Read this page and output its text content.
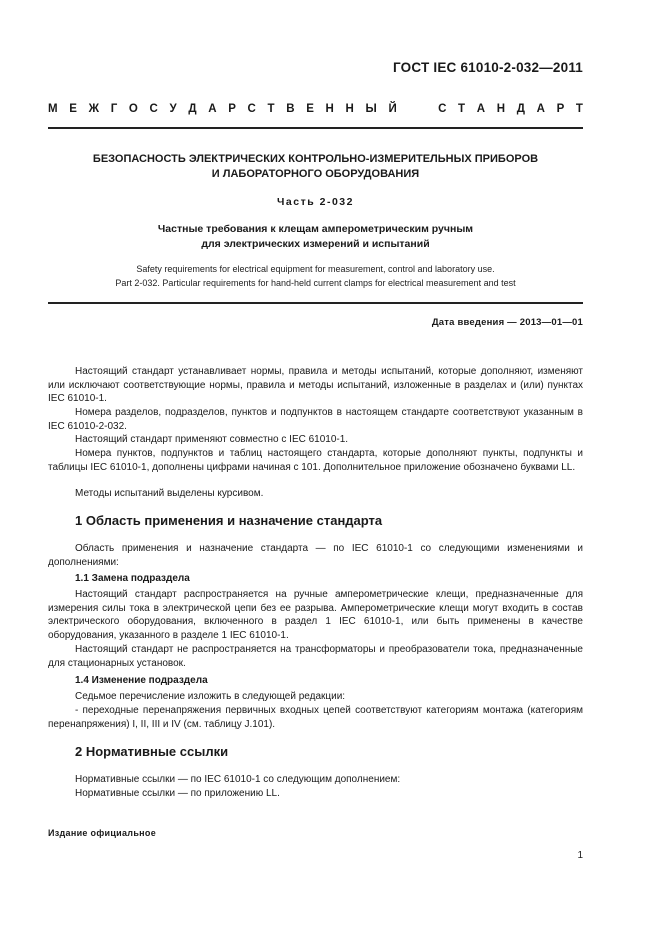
ГОСТ IEC 61010-2-032—2011
М Е Ж Г О С У Д А Р С Т В Е Н Н Ы Й	С Т А Н Д А Р Т
БЕЗОПАСНОСТЬ ЭЛЕКТРИЧЕСКИХ КОНТРОЛЬНО-ИЗМЕРИТЕЛЬНЫХ ПРИБОРОВ
И ЛАБОРАТОРНОГО ОБОРУДОВАНИЯ
Часть 2-032
Частные требования к клещам амперометрическим ручным
для электрических измерений и испытаний
Safety requirements for electrical equipment for measurement, control and laboratory use.
Part 2-032. Particular requirements for hand-held current clamps for electrical measurement and test
Дата введения — 2013—01—01
Настоящий стандарт устанавливает нормы, правила и методы испытаний, которые дополняют, изменяют или исключают соответствующие нормы, правила и методы испытаний, изложенные в разделах и (или) пунктах IEC 61010-1.
Номера разделов, подразделов, пунктов и подпунктов в настоящем стандарте соответствуют указанным в IEC 61010-2-032.
Настоящий стандарт применяют совместно с IEC 61010-1.
Номера пунктов, подпунктов и таблиц настоящего стандарта, которые дополняют пункты, подпункты и таблицы IEC 61010-1, дополнены цифрами начиная с 101. Дополнительное приложение обозначено буквами LL.
Методы испытаний выделены курсивом.
1 Область применения и назначение стандарта
Область применения и назначение стандарта — по IEC 61010-1 со следующими изменениями и дополнениями:
1.1 Замена подраздела
Настоящий стандарт распространяется на ручные амперометрические клещи, предназначенные для измерения силы тока в электрической цепи без ее разрыва. Амперометрические клещи могут входить в состав электрического оборудования, включенного в раздел 1 IEC 61010-1, или быть применены в качестве оборудования, указанного в разделе 1 IEC 61010-1.
Настоящий стандарт не распространяется на трансформаторы и преобразователи тока, предназначенные для стационарных установок.
1.4 Изменение подраздела
Седьмое перечисление изложить в следующей редакции:
- переходные перенапряжения первичных входных цепей соответствуют категориям монтажа (категориям перенапряжения) I, II, III и IV (см. таблицу J.101).
2 Нормативные ссылки
Нормативные ссылки — по IEC 61010-1 со следующим дополнением:
Нормативные ссылки — по приложению LL.
Издание официальное
1
